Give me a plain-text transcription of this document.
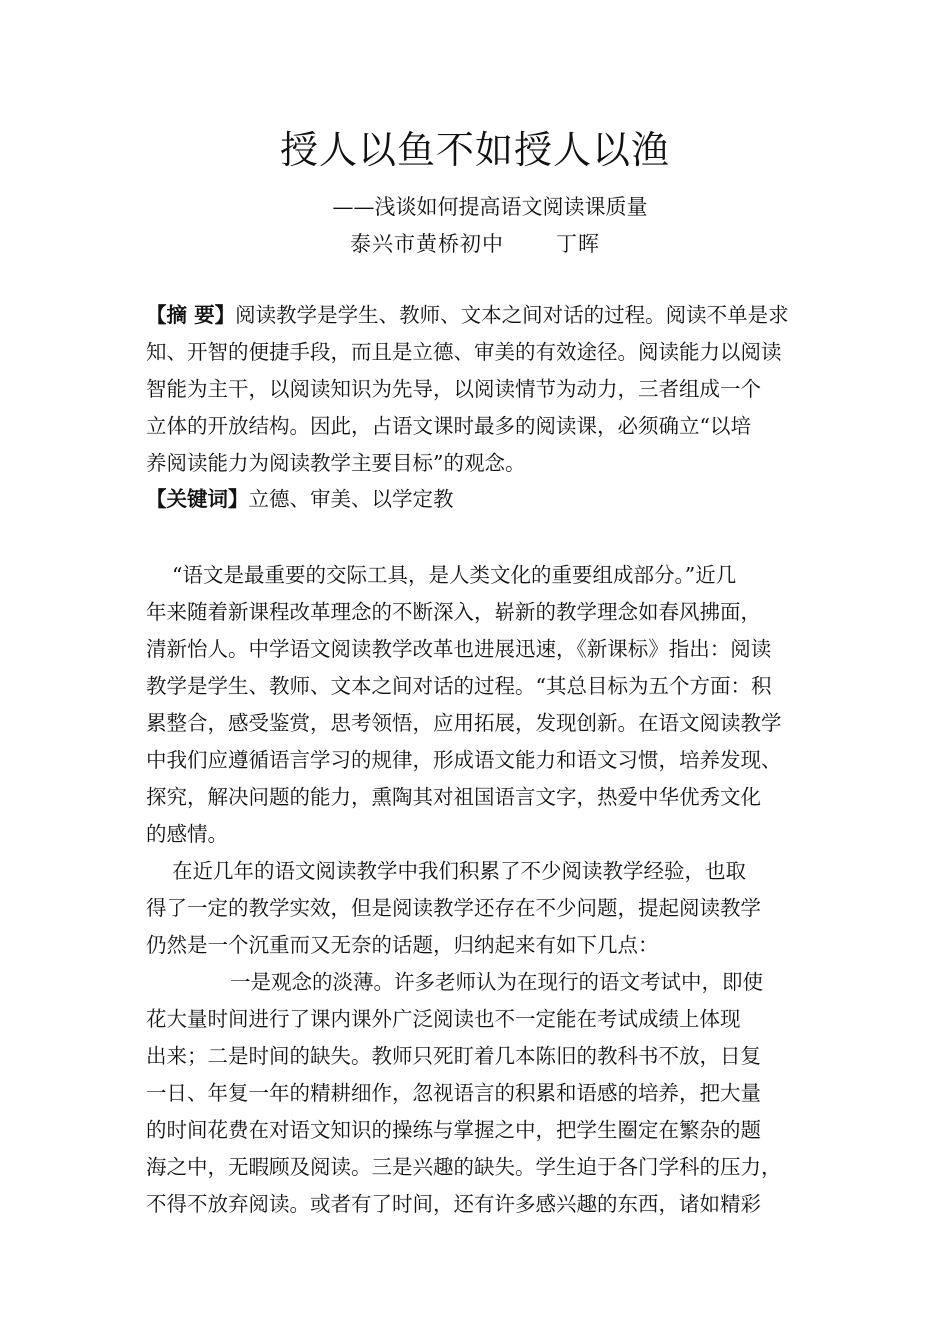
授人以鱼不如授人以渔
——浅谈如何提高语文阅读课质量
泰兴市黄桥初中 丁晖
【摘 要】阅读教学是学生、教师、文本之间对话的过程。阅读不单是求
知、开智的便捷手段，而且是立德、审美的有效途径。阅读能力以阅读
智能为主干，以阅读知识为先导，以阅读情节为动力，三者组成一个
立体的开放结构。因此，占语文课时最多的阅读课，必须确立“以培
养阅读能力为阅读教学主要目标”的观念。
【关键词】立德、审美、以学定教
“语文是最重要的交际工具，是人类文化的重要组成部分。”近几
年来随着新课程改革理念的不断深入，崭新的教学理念如春风拂面，
清新怡人。中学语文阅读教学改革也进展迅速，《新课标》指出：阅读
教学是学生、教师、文本之间对话的过程。“其总目标为五个方面：积
累整合，感受鉴赏，思考领悟，应用拓展，发现创新。在语文阅读教学
中我们应遵循语言学习的规律，形成语文能力和语文习惯，培养发现、
探究，解决问题的能力，熏陶其对祖国语言文字，热爱中华优秀文化
的感情。
在近几年的语文阅读教学中我们积累了不少阅读教学经验，也取
得了一定的教学实效，但是阅读教学还存在不少问题，提起阅读教学
仍然是一个沉重而又无奈的话题，归纳起来有如下几点：
一是观念的淡薄。许多老师认为在现行的语文考试中，即使
花大量时间进行了课内课外广泛阅读也不一定能在考试成绩上体现
出来；二是时间的缺失。教师只死盯着几本陈旧的教科书不放，日复
一日、年复一年的精耕细作，忽视语言的积累和语感的培养，把大量
的时间花费在对语文知识的操练与掌握之中，把学生圈定在繁杂的题
海之中，无暇顾及阅读。三是兴趣的缺失。学生迫于各门学科的压力，
不得不放弃阅读。或者有了时间，还有许多感兴趣的东西，诸如精彩
